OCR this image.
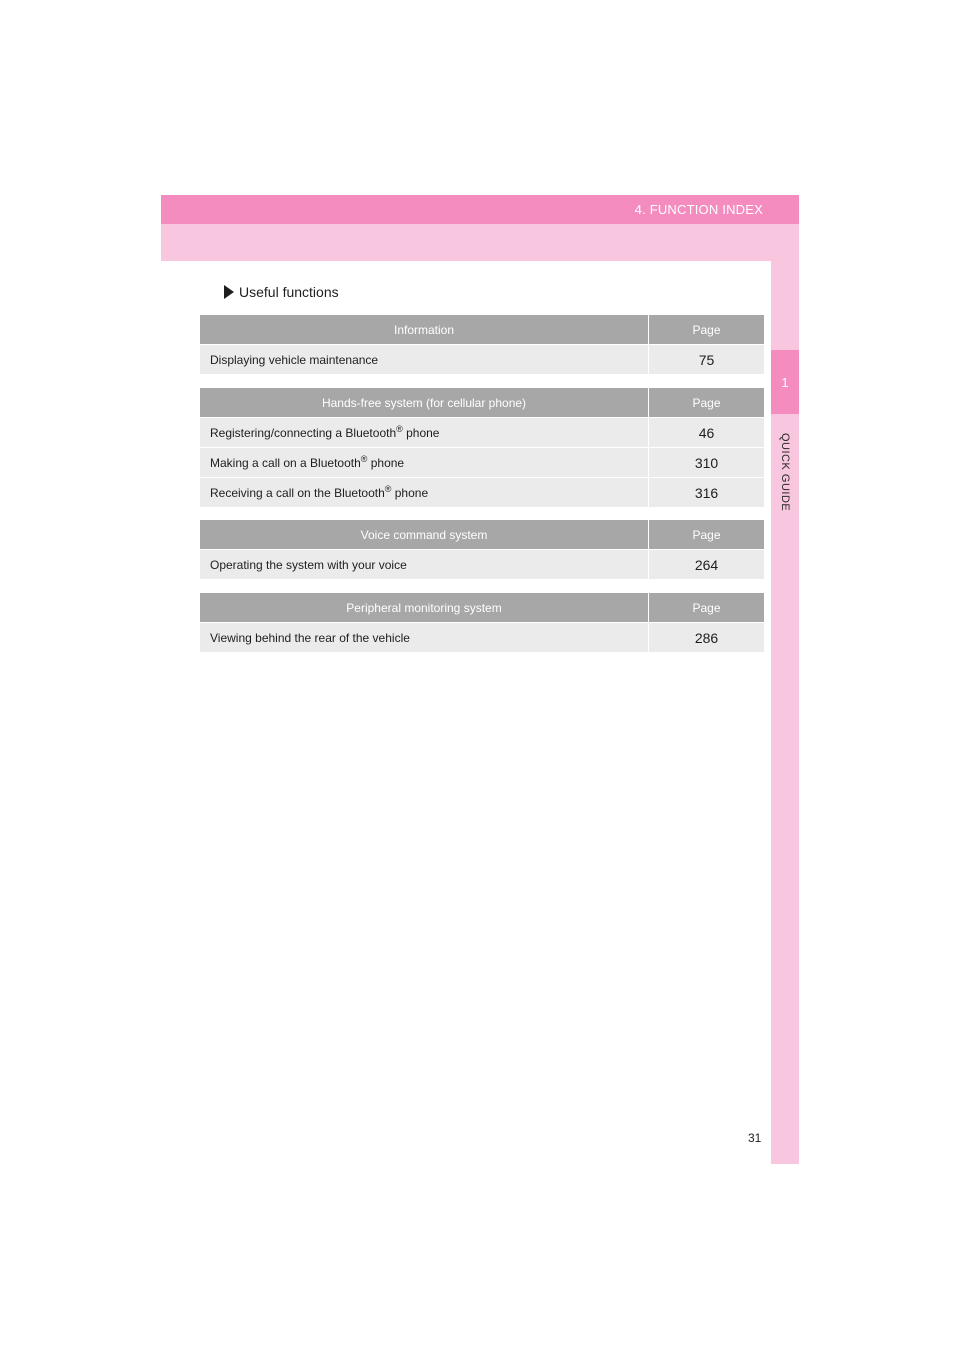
4. FUNCTION INDEX
1
QUICK GUIDE
Useful functions
Information	Page
Displaying vehicle maintenance	75
Hands-free system (for cellular phone)	Page
Registering/connecting a Bluetooth® phone	46
Making a call on a Bluetooth® phone	310
Receiving a call on the Bluetooth® phone	316
Voice command system	Page
Operating the system with your voice	264
Peripheral monitoring system	Page
Viewing behind the rear of the vehicle	286
31
